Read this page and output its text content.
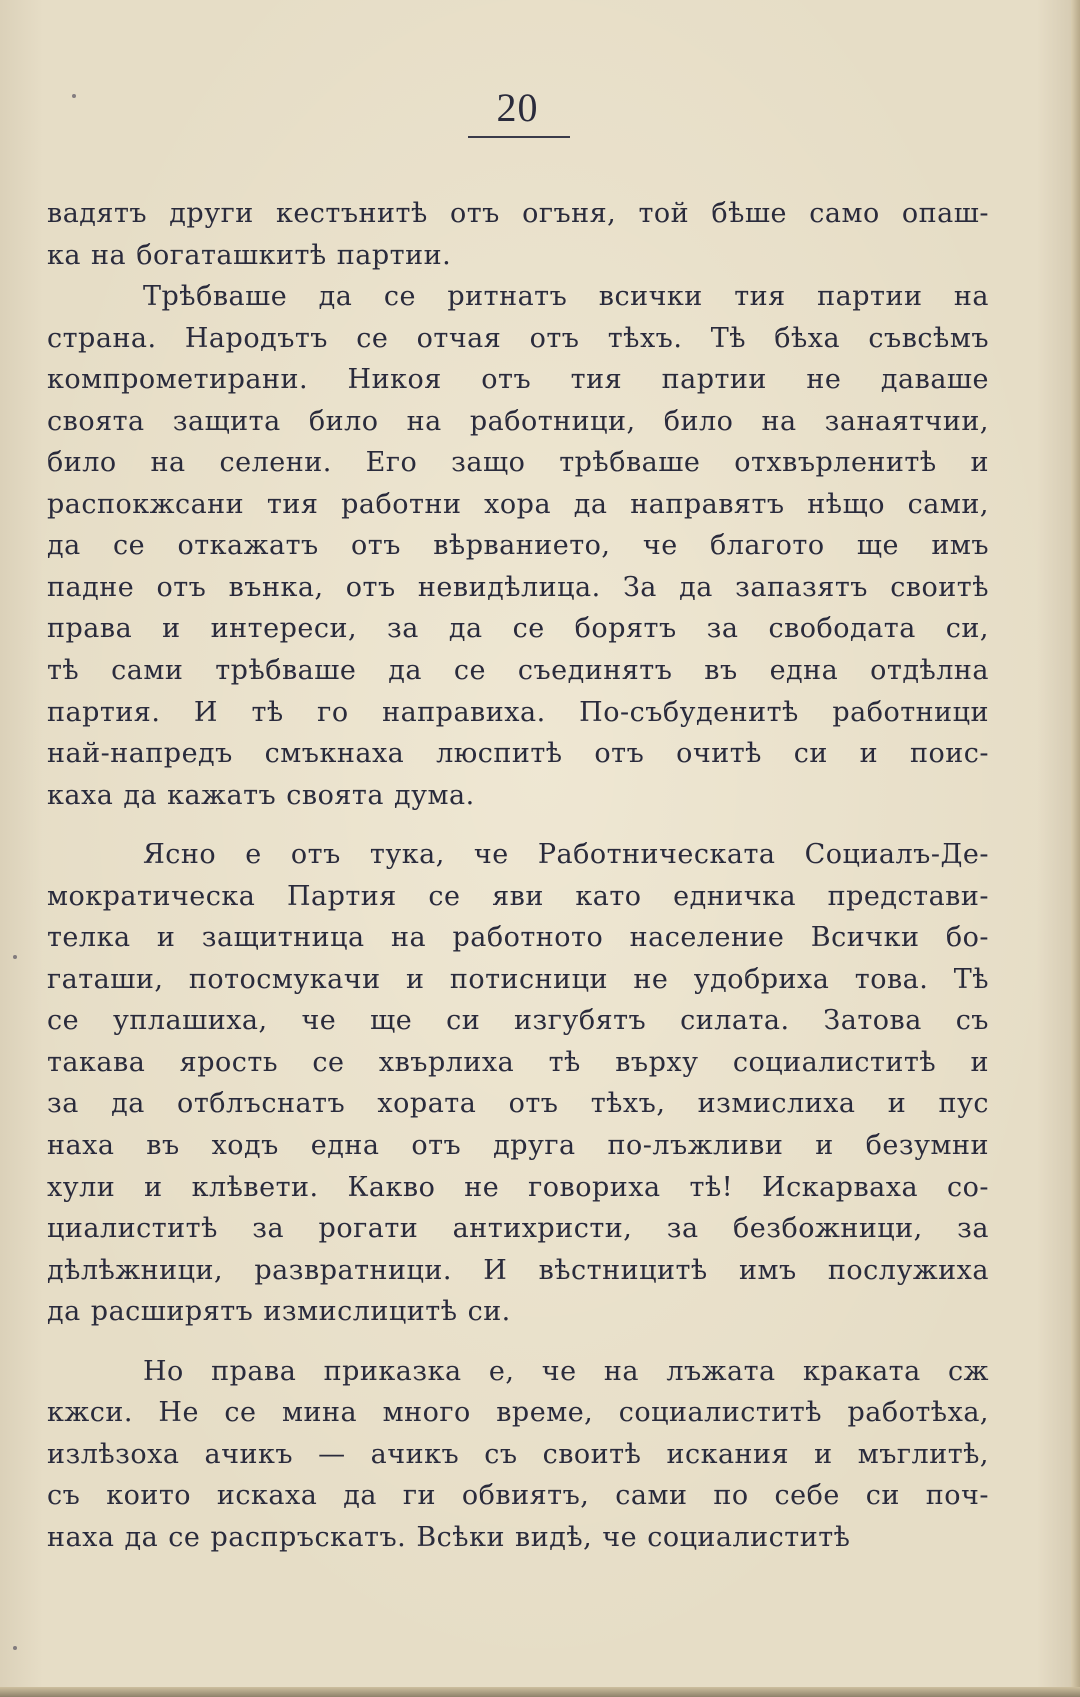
20
вадятъ други кестънитѣ отъ огъня, той бѣше само опаш-
ка на богаташкитѣ партии.
Трѣбваше да се ритнатъ всички тия партии на
страна. Народътъ се отчая отъ тѣхъ. Тѣ бѣха съвсѣмъ
компрометирани. Никоя отъ тия партии не даваше
своята защита било на работници, било на занаятчии,
било на селени. Его защо трѣбваше отхвърленитѣ и
распокжсани тия работни хора да направятъ нѣщо сами,
да се откажатъ отъ вѣрванието, че благото ще имъ
падне отъ вънка, отъ невидѣлица. За да запазятъ своитѣ
права и интереси, за да се борятъ за свободата си,
тѣ сами трѣбваше да се съединятъ въ една отдѣлна
партия. И тѣ го направиха. По-събуденитѣ работници
най-напредъ смъкнаха люспитѣ отъ очитѣ си и поис-
каха да кажатъ своята дума.
Ясно е отъ тука, че Работническата Социалъ-Де-
мократическа Партия се яви като едничка представи-
телка и защитница на работното население Всички бо-
гаташи, потосмукачи и потисници не удобриха това. Тѣ
се уплашиха, че ще си изгубятъ силата. Затова съ
такава ярость се хвърлиха тѣ върху социалиститѣ и
за да отблъснатъ хората отъ тѣхъ, измислиха и пус
наха въ ходъ една отъ друга по-лъжливи и безумни
хули и клѣвети. Какво не говориха тѣ! Искарваха со-
циалиститѣ за рогати антихристи, за безбожници, за
дѣлѣжници, развратници. И вѣстницитѣ имъ послужиха
да расширятъ измислицитѣ си.
Но права приказка е, че на лъжата краката сж
кжси. Не се мина много време, социалиститѣ работѣха,
излѣзоха ачикъ — ачикъ съ своитѣ искания и мъглитѣ,
съ които искаха да ги обвиятъ, сами по себе си поч-
наха да се распръскатъ. Всѣки видѣ, че социалиститѣ
